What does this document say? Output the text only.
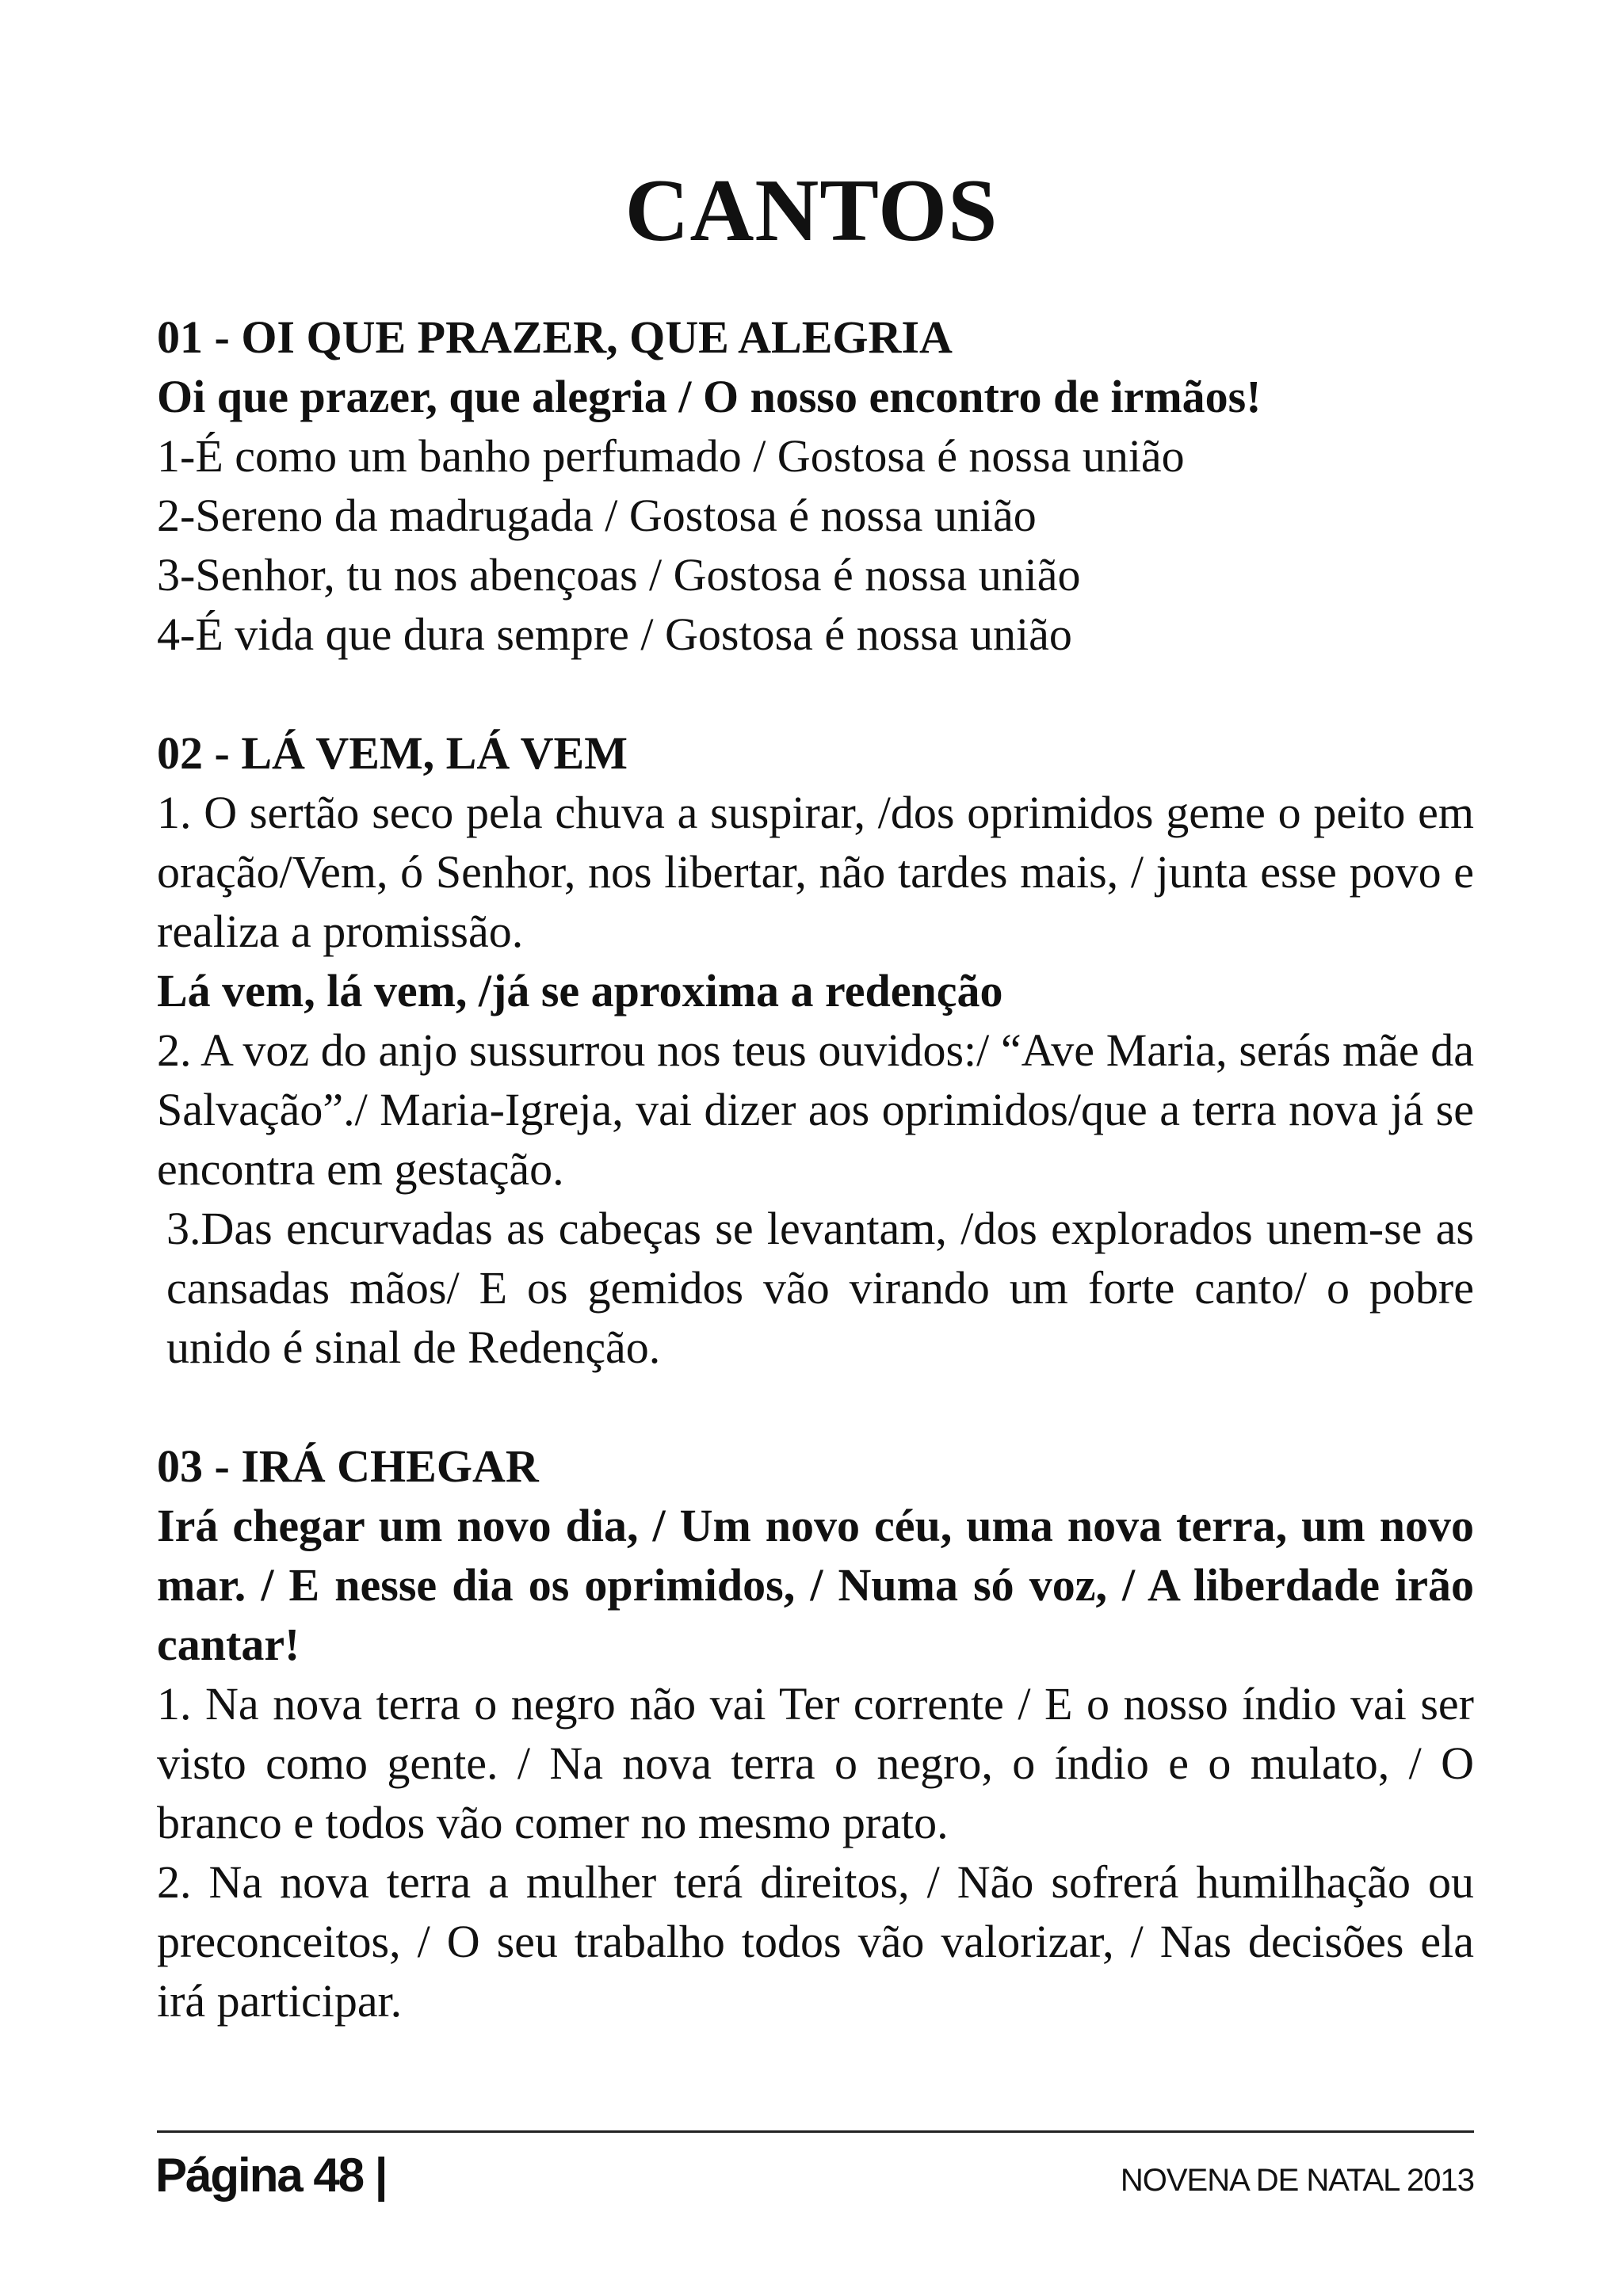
CANTOS

01 - OI QUE PRAZER, QUE ALEGRIA

Oi que prazer, que alegria / O nosso encontro de irmãos!

1-É como um banho perfumado / Gostosa é nossa união

2-Sereno da madrugada / Gostosa é nossa união

3-Senhor, tu nos abençoas / Gostosa é nossa união

4-É vida que dura sempre / Gostosa é nossa união

02 - LÁ VEM, LÁ VEM

1. O sertão seco pela chuva a suspirar, /dos oprimidos geme o peito em oração/Vem, ó Senhor, nos libertar, não tardes mais, / junta esse povo e realiza a promissão.

Lá vem, lá vem, /já se aproxima a redenção

2. A voz do anjo sussurrou nos teus ouvidos:/ “Ave Maria, serás mãe da Salvação”./ Maria-Igreja, vai dizer aos oprimidos/que a terra nova já se encontra em gestação.

3.Das encurvadas as cabeças se levantam, /dos explorados unem-se as cansadas mãos/ E os gemidos vão virando um forte canto/ o pobre unido é sinal de Redenção.

03 - IRÁ CHEGAR

Irá chegar um novo dia, / Um novo céu, uma nova terra, um novo mar. / E nesse dia os oprimidos, / Numa só voz, / A liberdade irão cantar!

1. Na nova terra o negro não vai Ter corrente / E o nosso índio vai ser visto como gente. / Na nova terra o negro, o índio e o mulato, / O branco e todos vão comer no mesmo prato.

2. Na nova terra a mulher terá direitos, / Não sofrerá humilhação ou preconceitos, / O seu trabalho todos vão valorizar, / Nas decisões ela irá participar.

Página 48 |	NOVENA DE NATAL 2013
